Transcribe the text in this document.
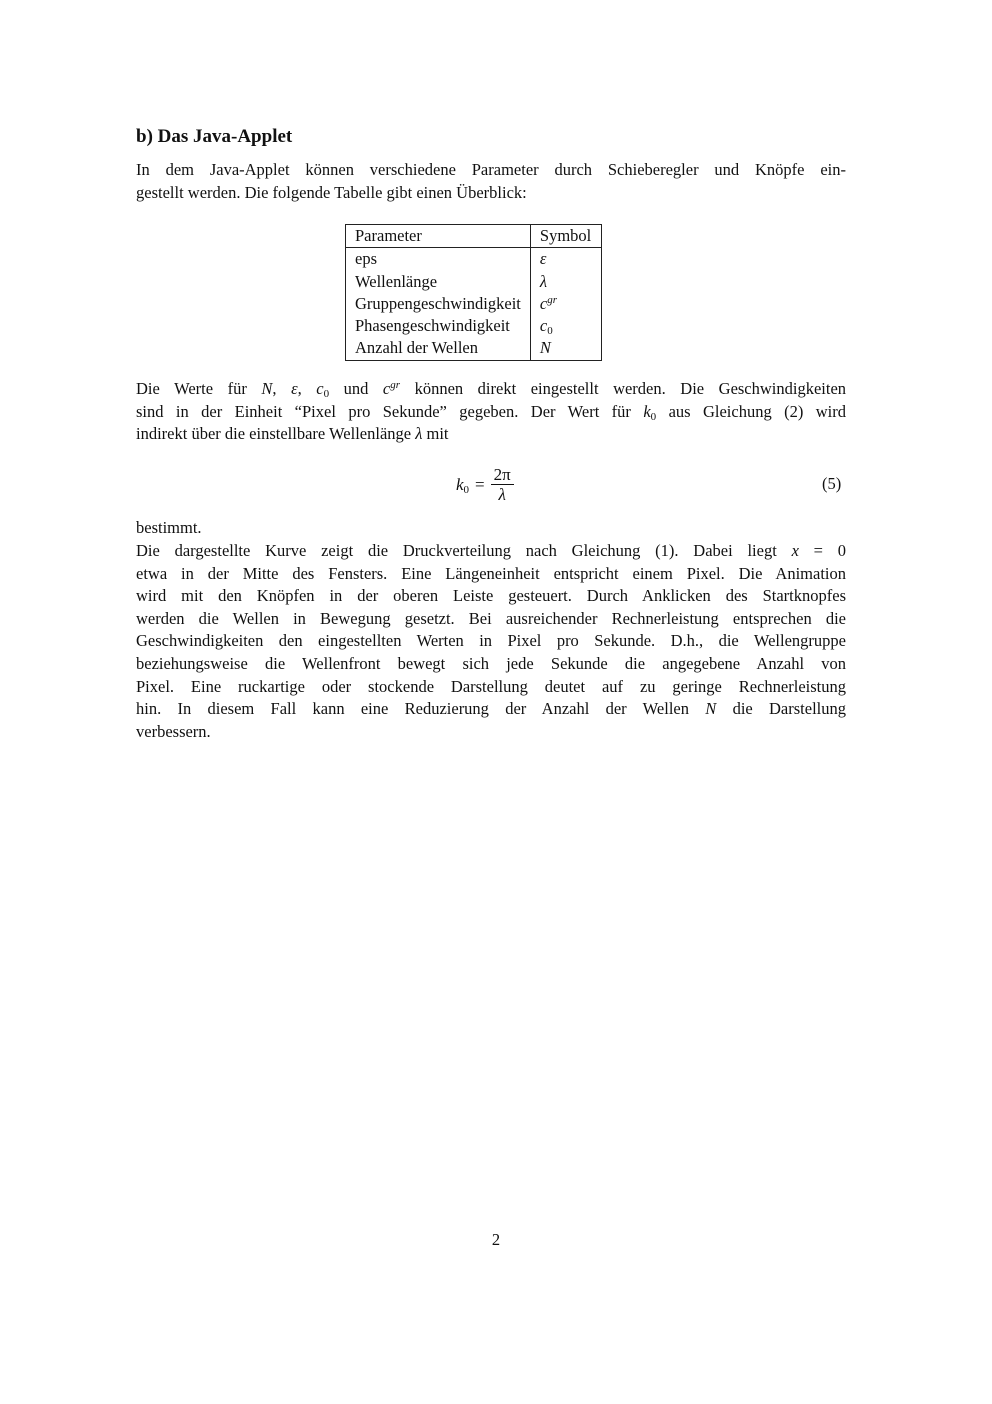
b) Das Java-Applet
In dem Java-Applet können verschiedene Parameter durch Schieberegler und Knöpfe ein-
gestellt werden. Die folgende Tabelle gibt einen Überblick:
Parameter	Symbol
eps	ε
Wellenlänge	λ
Gruppengeschwindigkeit	$c^{gr}$
Phasengeschwindigkeit	$c_0$
Anzahl der Wellen	N
Die Werte für N, ε, $c_0$ und $c^{gr}$ können direkt eingestellt werden. Die Geschwindigkeiten
sind in der Einheit “Pixel pro Sekunde” gegeben. Der Wert für $k_0$ aus Gleichung (2) wird
indirekt über die einstellbare Wellenlänge λ mit
$k_0 = \frac{2\pi}{\lambda}$	(5)
bestimmt.
Die dargestellte Kurve zeigt die Druckverteilung nach Gleichung (1). Dabei liegt x = 0
etwa in der Mitte des Fensters. Eine Längeneinheit entspricht einem Pixel. Die Animation
wird mit den Knöpfen in der oberen Leiste gesteuert. Durch Anklicken des Startknopfes
werden die Wellen in Bewegung gesetzt. Bei ausreichender Rechnerleistung entsprechen die
Geschwindigkeiten den eingestellten Werten in Pixel pro Sekunde. D.h., die Wellengruppe
beziehungsweise die Wellenfront bewegt sich jede Sekunde die angegebene Anzahl von
Pixel. Eine ruckartige oder stockende Darstellung deutet auf zu geringe Rechnerleistung
hin. In diesem Fall kann eine Reduzierung der Anzahl der Wellen N die Darstellung
verbessern.
2
